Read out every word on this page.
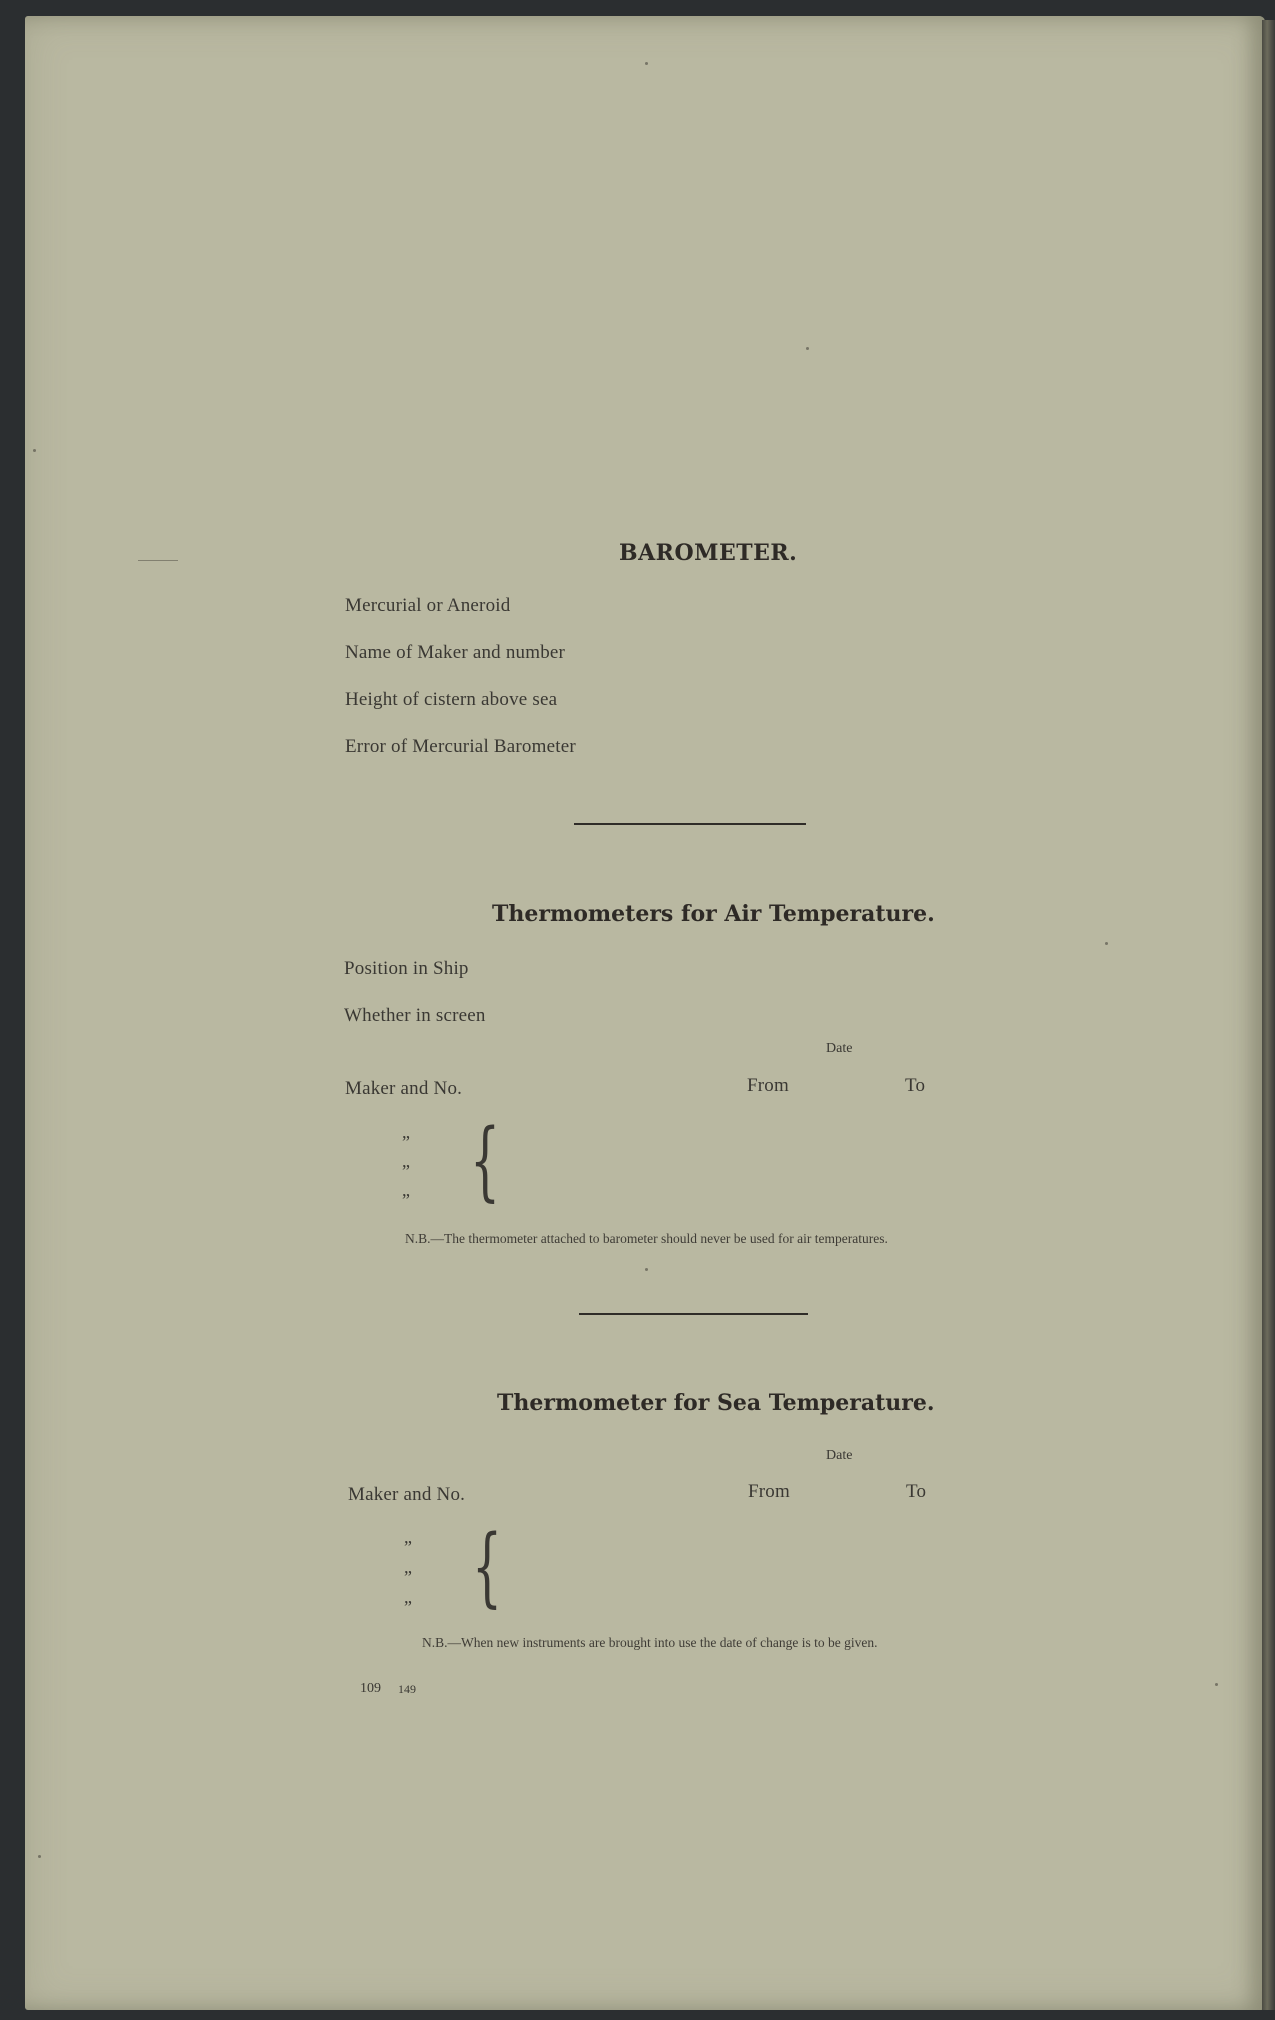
BAROMETER.
Mercurial or Aneroid
Name of Maker and number
Height of cistern above sea
Error of Mercurial Barometer
Thermometers for Air Temperature.
Position in Ship
Whether in screen
Date
Maker and No.	From	To
”
”
” {
N.B.—The thermometer attached to barometer should never be used for air temperatures.
Thermometer for Sea Temperature.
Date
Maker and No.	From	To
”
”
” {
N.B.—When new instruments are brought into use the date of change is to be given.
109 149
